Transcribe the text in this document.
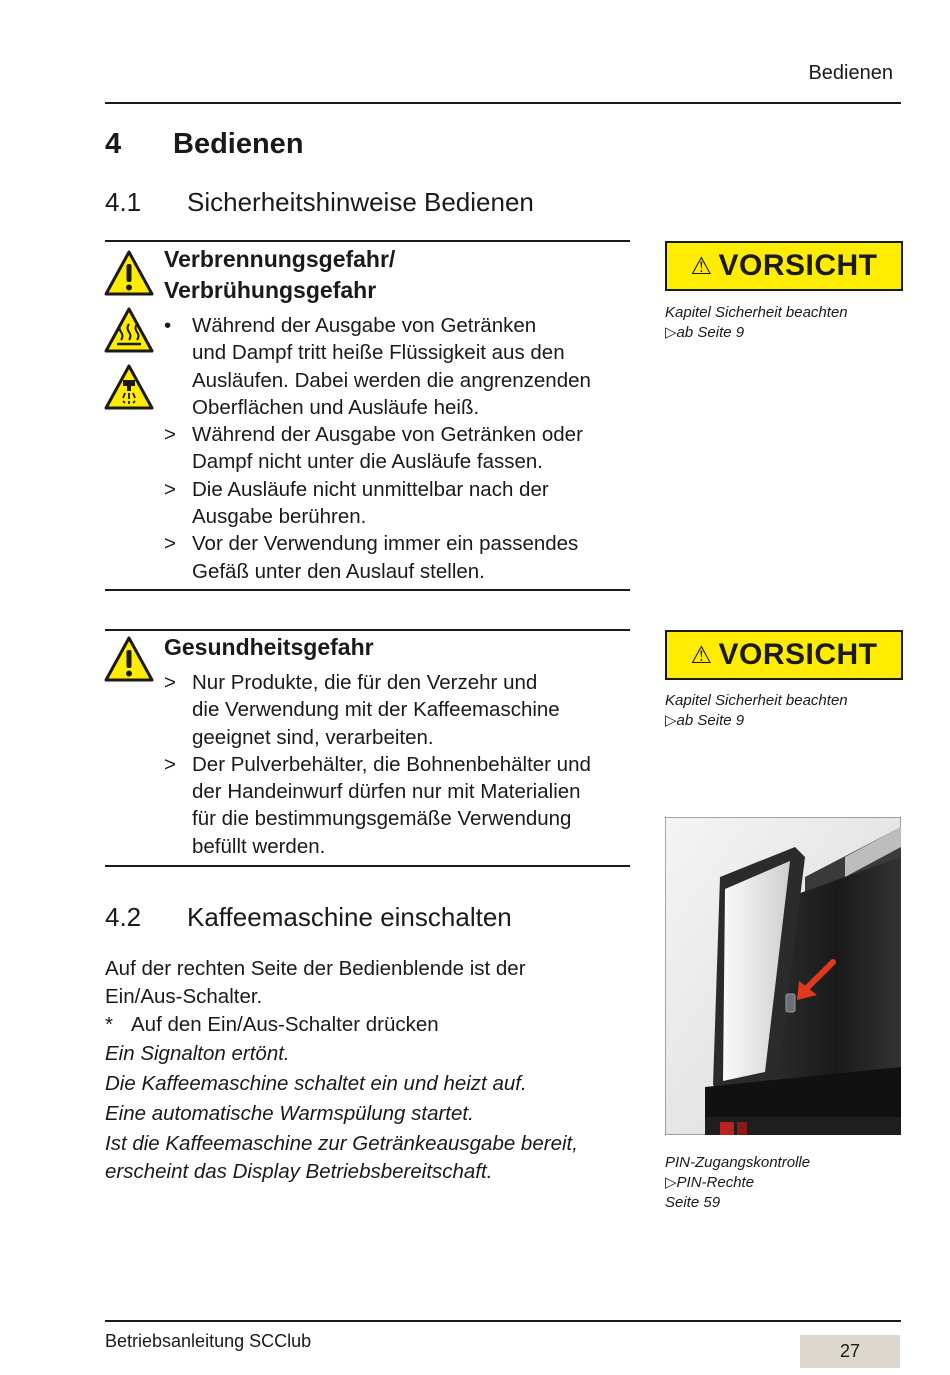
Bedienen
4 Bedienen
4.1 Sicherheitshinweise Bedienen
Verbrennungsgefahr/
Verbrühungsgefahr
• Während der Ausgabe von Getränken
und Dampf tritt heiße Flüssigkeit aus den
Ausläufen. Dabei werden die angrenzenden
Oberflächen und Ausläufe heiß.
> Während der Ausgabe von Getränken oder
Dampf nicht unter die Ausläufe fassen.
> Die Ausläufe nicht unmittelbar nach der
Ausgabe berühren.
> Vor der Verwendung immer ein passendes
Gefäß unter den Auslauf stellen.
⚠ VORSICHT
Kapitel Sicherheit beachten
▷ab Seite 9
Gesundheitsgefahr
> Nur Produkte, die für den Verzehr und
die Verwendung mit der Kaffeemaschine
geeignet sind, verarbeiten.
> Der Pulverbehälter, die Bohnenbehälter und
der Handeinwurf dürfen nur mit Materialien
für die bestimmungsgemäße Verwendung
befüllt werden.
⚠ VORSICHT
Kapitel Sicherheit beachten
▷ab Seite 9
4.2 Kaffeemaschine einschalten
Auf der rechten Seite der Bedienblende ist der
Ein/Aus-Schalter.
* Auf den Ein/Aus-Schalter drücken
Ein Signalton ertönt.
Die Kaffeemaschine schaltet ein und heizt auf.
Eine automatische Warmspülung startet.
Ist die Kaffeemaschine zur Getränkeausgabe bereit,
erscheint das Display Betriebsbereitschaft.	PIN-Zugangskontrolle
▷PIN-Rechte
Seite 59
Betriebsanleitung SCClub	27
